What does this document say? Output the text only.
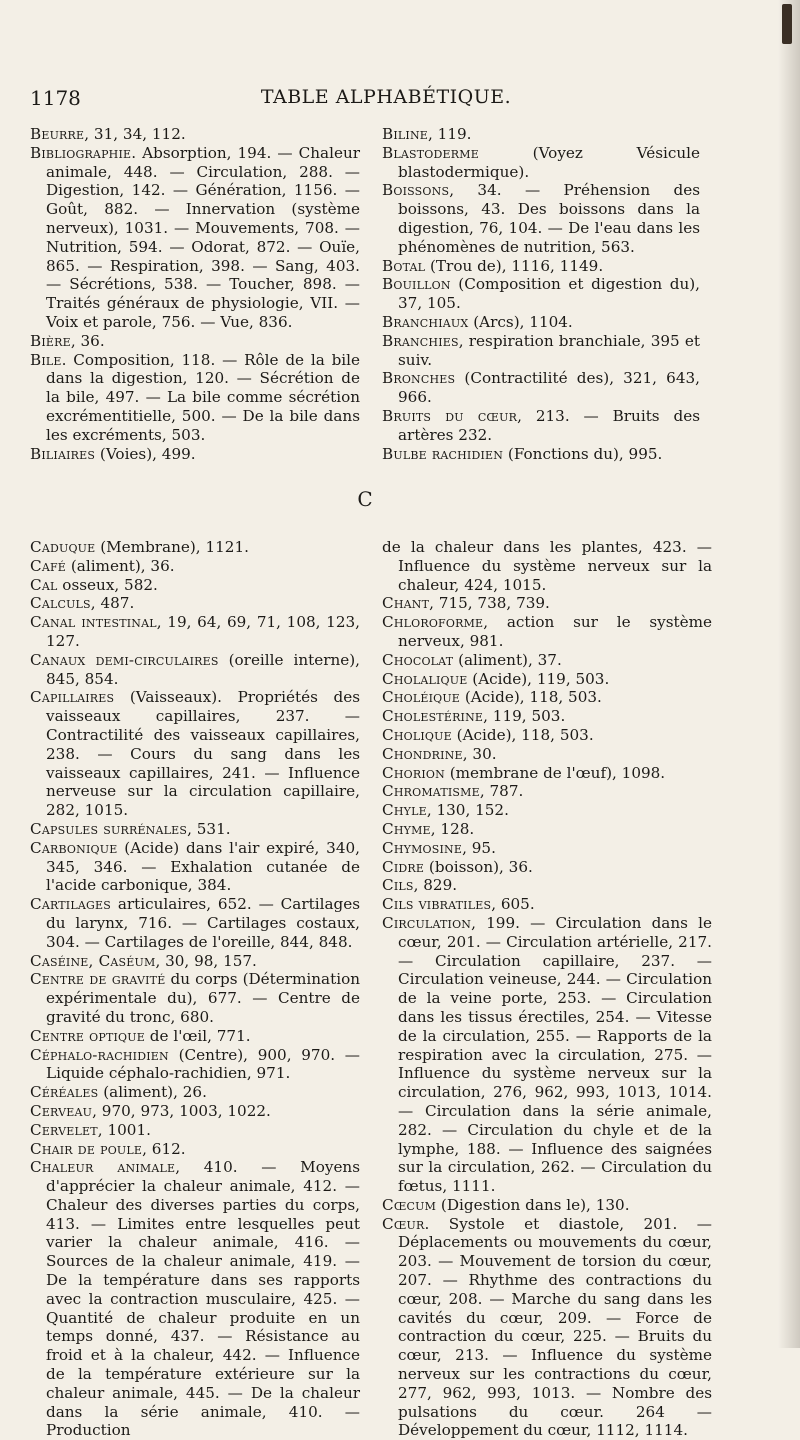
1178	TABLE ALPHABÉTIQUE.

Beurre, 31, 34, 112.

Bibliographie. Absorption, 194. — Chaleur animale, 448. — Circulation, 288. — Digestion, 142. — Génération, 1156. — Goût, 882. — Innervation (système nerveux), 1031. — Mouvements, 708. — Nutrition, 594. — Odorat, 872. — Ouïe, 865. — Respiration, 398. — Sang, 403. — Sécrétions, 538. — Toucher, 898. — Traités généraux de physiologie, VII. — Voix et parole, 756. — Vue, 836.

Bière, 36.

Bile. Composition, 118. — Rôle de la bile dans la digestion, 120. — Sécrétion de la bile, 497. — La bile comme sécrétion excrémentitielle, 500. — De la bile dans les excréments, 503.

Biliaires (Voies), 499.

Biline, 119.

Blastoderme (Voyez Vésicule blastodermique).

Boissons, 34. — Préhension des boissons, 43. Des boissons dans la digestion, 76, 104. — De l'eau dans les phénomènes de nutrition, 563.

Botal (Trou de), 1116, 1149.

Bouillon (Composition et digestion du), 37, 105.

Branchiaux (Arcs), 1104.

Branchies, respiration branchiale, 395 et suiv.

Bronches (Contractilité des), 321, 643, 966.

Bruits du cœur, 213. — Bruits des artères 232.

Bulbe rachidien (Fonctions du), 995.

C

Caduque (Membrane), 1121.

Café (aliment), 36.

Cal osseux, 582.

Calculs, 487.

Canal intestinal, 19, 64, 69, 71, 108, 123, 127.

Canaux demi-circulaires (oreille interne), 845, 854.

Capillaires (Vaisseaux). Propriétés des vaisseaux capillaires, 237. — Contractilité des vaisseaux capillaires, 238. — Cours du sang dans les vaisseaux capillaires, 241. — Influence nerveuse sur la circulation capillaire, 282, 1015.

Capsules surrénales, 531.

Carbonique (Acide) dans l'air expiré, 340, 345, 346. — Exhalation cutanée de l'acide carbonique, 384.

Cartilages articulaires, 652. — Cartilages du larynx, 716. — Cartilages costaux, 304. — Cartilages de l'oreille, 844, 848.

Caséine, Caséum, 30, 98, 157.

Centre de gravité du corps (Détermination expérimentale du), 677. — Centre de gravité du tronc, 680.

Centre optique de l'œil, 771.

Céphalo-rachidien (Centre), 900, 970. — Liquide céphalo-rachidien, 971.

Céréales (aliment), 26.

Cerveau, 970, 973, 1003, 1022.

Cervelet, 1001.

Chair de poule, 612.

Chaleur animale, 410. — Moyens d'apprécier la chaleur animale, 412. — Chaleur des diverses parties du corps, 413. — Limites entre lesquelles peut varier la chaleur animale, 416. — Sources de la chaleur animale, 419. — De la température dans ses rapports avec la contraction musculaire, 425. — Quantité de chaleur produite en un temps donné, 437. — Résistance au froid et à la chaleur, 442. — Influence de la température extérieure sur la chaleur animale, 445. — De la chaleur dans la série animale, 410. — Production

de la chaleur dans les plantes, 423. — Influence du système nerveux sur la chaleur, 424, 1015.

Chant, 715, 738, 739.

Chloroforme, action sur le système nerveux, 981.

Chocolat (aliment), 37.

Cholalique (Acide), 119, 503.

Choléique (Acide), 118, 503.

Cholestérine, 119, 503.

Cholique (Acide), 118, 503.

Chondrine, 30.

Chorion (membrane de l'œuf), 1098.

Chromatisme, 787.

Chyle, 130, 152.

Chyme, 128.

Chymosine, 95.

Cidre (boisson), 36.

Cils, 829.

Cils vibratiles, 605.

Circulation, 199. — Circulation dans le cœur, 201. — Circulation artérielle, 217. — Circulation capillaire, 237. — Circulation veineuse, 244. — Circulation de la veine porte, 253. — Circulation dans les tissus érectiles, 254. — Vitesse de la circulation, 255. — Rapports de la respiration avec la circulation, 275. — Influence du système nerveux sur la circulation, 276, 962, 993, 1013, 1014. — Circulation dans la série animale, 282. — Circulation du chyle et de la lymphe, 188. — Influence des saignées sur la circulation, 262. — Circulation du fœtus, 1111.

Cœcum (Digestion dans le), 130.

Cœur. Systole et diastole, 201. — Déplacements ou mouvements du cœur, 203. — Mouvement de torsion du cœur, 207. — Rhythme des contractions du cœur, 208. — Marche du sang dans les cavités du cœur, 209. — Force de contraction du cœur, 225. — Bruits du cœur, 213. — Influence du système nerveux sur les contractions du cœur, 277, 962, 993, 1013. — Nombre des pulsations du cœur. 264 — Développement du cœur, 1112, 1114.
